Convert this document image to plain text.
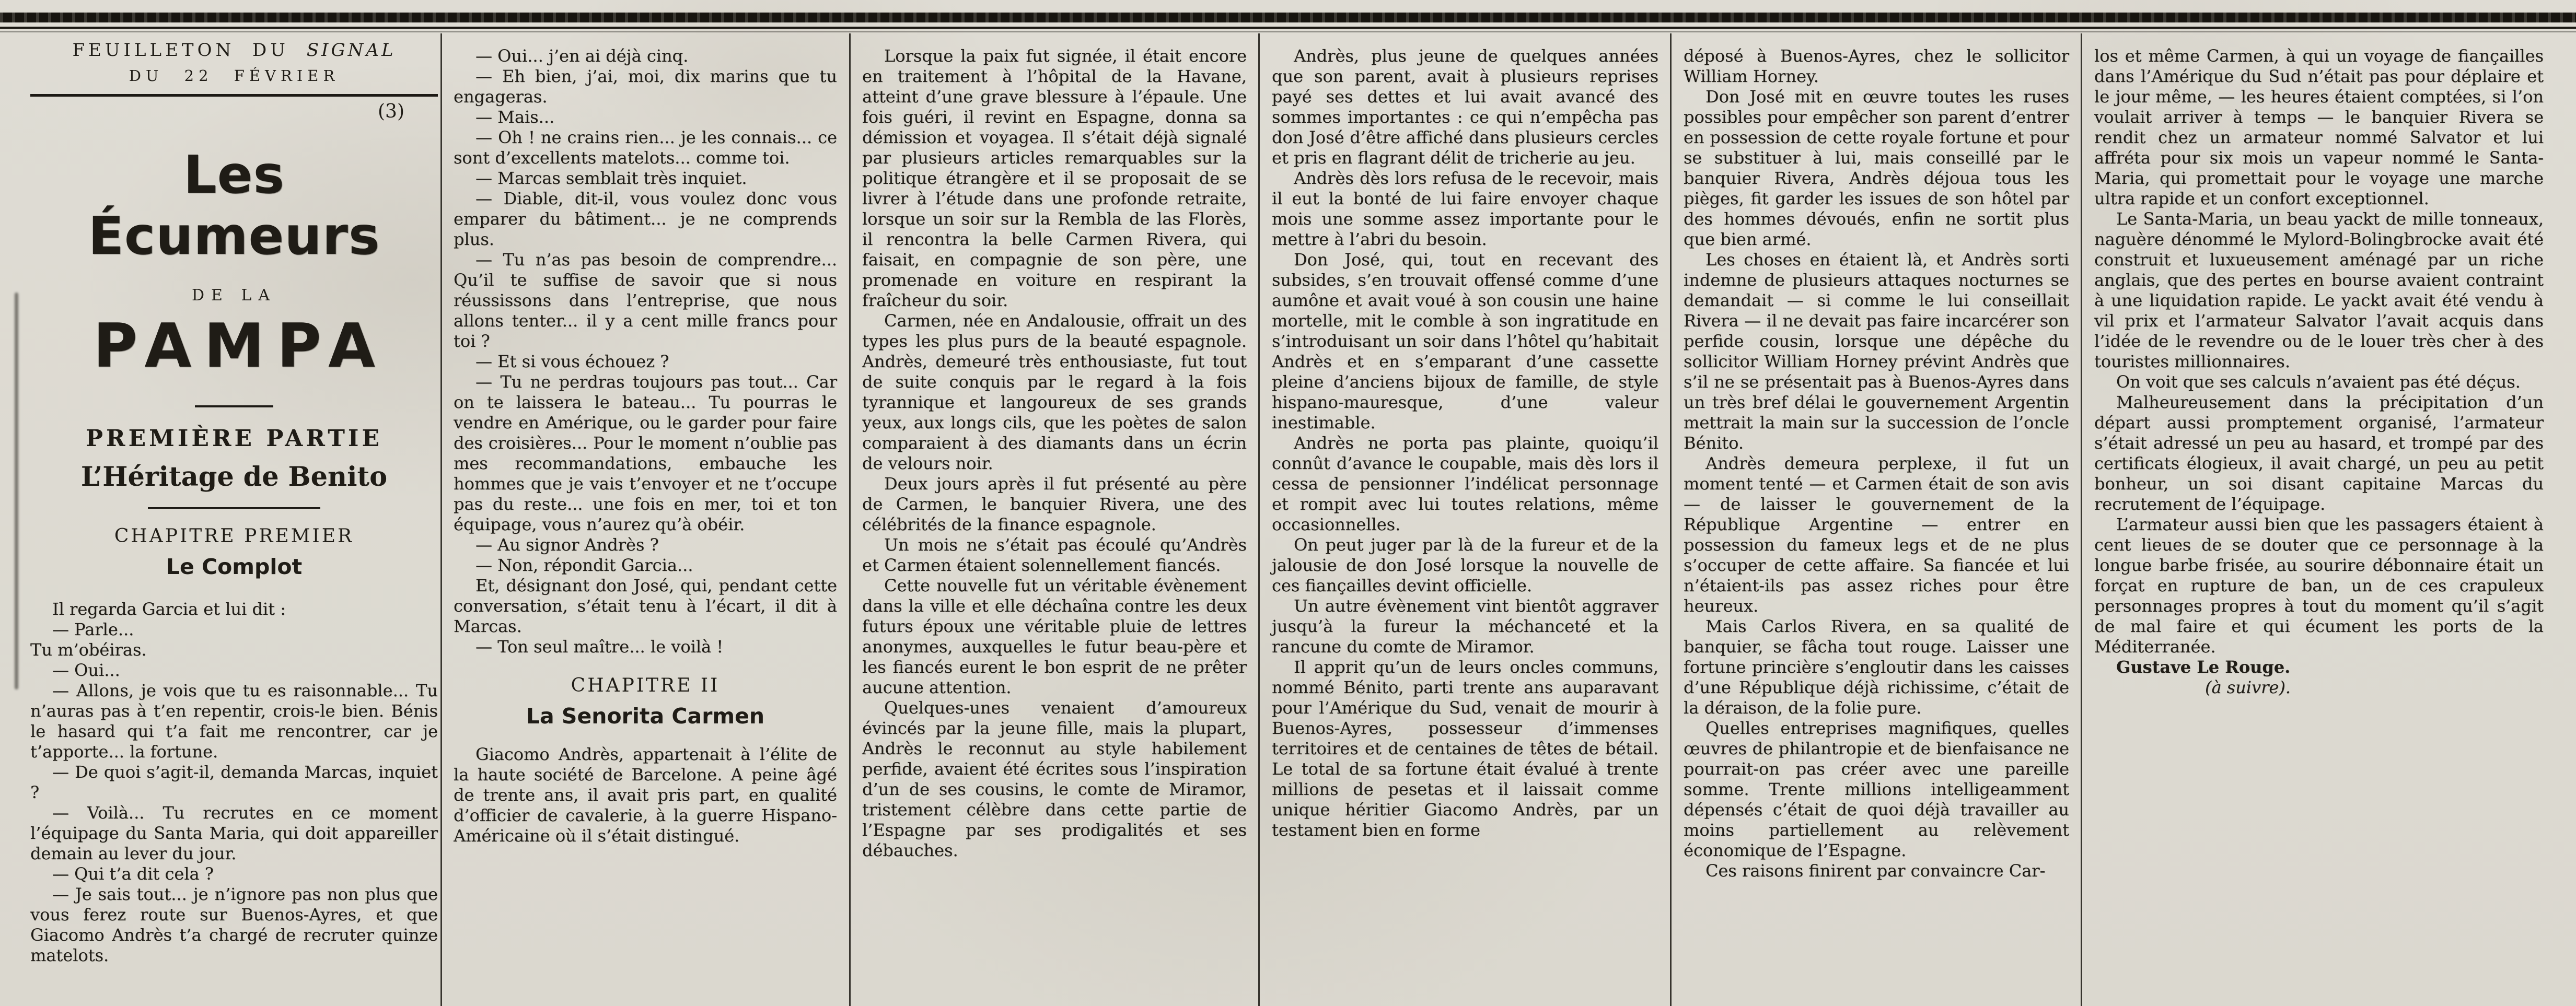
FEUILLETON DU SIGNAL
DU 22 FÉVRIER
(3)
Les Écumeurs
DE LA
PAMPA
PREMIÈRE PARTIE
L’Héritage de Benito
CHAPITRE PREMIER
Le Complot

Il regarda Garcia et lui dit :

— Parle...

Tu m’obéiras.

— Oui...

— Allons, je vois que tu es raisonnable... Tu n’auras pas à t’en repentir, crois-le bien. Bénis le hasard qui t’a fait me rencontrer, car je t’apporte... la fortune.

— De quoi s’agit-il, demanda Marcas, inquiet ?

— Voilà... Tu recrutes en ce moment l’équipage du Santa Maria, qui doit appareiller demain au lever du jour.

— Qui t’a dit cela ?

— Je sais tout... je n’ignore pas non plus que vous ferez route sur Buenos-Ayres, et que Giacomo Andrès t’a chargé de recruter quinze matelots.

— Oui... j’en ai déjà cinq.

— Eh bien, j’ai, moi, dix marins que tu engageras.

— Mais...

— Oh ! ne crains rien... je les connais... ce sont d’excellents matelots... comme toi.

— Marcas semblait très inquiet.

— Diable, dit-il, vous voulez donc vous emparer du bâtiment... je ne comprends plus.

— Tu n’as pas besoin de comprendre... Qu’il te suffise de savoir que si nous réussissons dans l’entreprise, que nous allons tenter... il y a cent mille francs pour toi ?

— Et si vous échouez ?

— Tu ne perdras toujours pas tout... Car on te laissera le bateau... Tu pourras le vendre en Amérique, ou le garder pour faire des croisières... Pour le moment n’oublie pas mes recommandations, embauche les hommes que je vais t’envoyer et ne t’occupe pas du reste... une fois en mer, toi et ton équipage, vous n’aurez qu’à obéir.

— Au signor Andrès ?

— Non, répondit Garcia...

Et, désignant don José, qui, pendant cette conversation, s’était tenu à l’écart, il dit à Marcas.

— Ton seul maître... le voilà !

CHAPITRE II
La Senorita Carmen

Giacomo Andrès, appartenait à l’élite de la haute société de Barcelone. A peine âgé de trente ans, il avait pris part, en qualité d’officier de cavalerie, à la guerre Hispano-Américaine où il s’était distingué.

Lorsque la paix fut signée, il était encore en traitement à l’hôpital de la Havane, atteint d’une grave blessure à l’épaule. Une fois guéri, il revint en Espagne, donna sa démission et voyagea. Il s’était déjà signalé par plusieurs articles remarquables sur la politique étrangère et il se proposait de se livrer à l’étude dans une profonde retraite, lorsque un soir sur la Rembla de las Florès, il rencontra la belle Carmen Rivera, qui faisait, en compagnie de son père, une promenade en voiture en respirant la fraîcheur du soir.

Carmen, née en Andalousie, offrait un des types les plus purs de la beauté espagnole. Andrès, demeuré très enthousiaste, fut tout de suite conquis par le regard à la fois tyrannique et langoureux de ses grands yeux, aux longs cils, que les poètes de salon comparaient à des diamants dans un écrin de velours noir.

Deux jours après il fut présenté au père de Carmen, le banquier Rivera, une des célébrités de la finance espagnole.

Un mois ne s’était pas écoulé qu’Andrès et Carmen étaient solennellement fiancés.

Cette nouvelle fut un véritable évènement dans la ville et elle déchaîna contre les deux futurs époux une véritable pluie de lettres anonymes, auxquelles le futur beau-père et les fiancés eurent le bon esprit de ne prêter aucune attention.

Quelques-unes venaient d’amoureux évincés par la jeune fille, mais la plupart, Andrès le reconnut au style habilement perfide, avaient été écrites sous l’inspiration d’un de ses cousins, le comte de Miramor, tristement célèbre dans cette partie de l’Espagne par ses prodigalités et ses débauches.

Andrès, plus jeune de quelques années que son parent, avait à plusieurs reprises payé ses dettes et lui avait avancé des sommes importantes : ce qui n’empêcha pas don José d’être affiché dans plusieurs cercles et pris en flagrant délit de tricherie au jeu.

Andrès dès lors refusa de le recevoir, mais il eut la bonté de lui faire envoyer chaque mois une somme assez importante pour le mettre à l’abri du besoin.

Don José, qui, tout en recevant des subsides, s’en trouvait offensé comme d’une aumône et avait voué à son cousin une haine mortelle, mit le comble à son ingratitude en s’introduisant un soir dans l’hôtel qu’habitait Andrès et en s’emparant d’une cassette pleine d’anciens bijoux de famille, de style hispano-mauresque, d’une valeur inestimable.

Andrès ne porta pas plainte, quoiqu’il connût d’avance le coupable, mais dès lors il cessa de pensionner l’indélicat personnage et rompit avec lui toutes relations, même occasionnelles.

On peut juger par là de la fureur et de la jalousie de don José lorsque la nouvelle de ces fiançailles devint officielle.

Un autre évènement vint bientôt aggraver jusqu’à la fureur la méchanceté et la rancune du comte de Miramor.

Il apprit qu’un de leurs oncles communs, nommé Bénito, parti trente ans auparavant pour l’Amérique du Sud, venait de mourir à Buenos-Ayres, possesseur d’immenses territoires et de centaines de têtes de bétail. Le total de sa fortune était évalué à trente millions de pesetas et il laissait comme unique héritier Giacomo Andrès, par un testament bien en forme

déposé à Buenos-Ayres, chez le sollicitor William Horney.

Don José mit en œuvre toutes les ruses possibles pour empêcher son parent d’entrer en possession de cette royale fortune et pour se substituer à lui, mais conseillé par le banquier Rivera, Andrès déjoua tous les pièges, fit garder les issues de son hôtel par des hommes dévoués, enfin ne sortit plus que bien armé.

Les choses en étaient là, et Andrès sorti indemne de plusieurs attaques nocturnes se demandait — si comme le lui conseillait Rivera — il ne devait pas faire incarcérer son perfide cousin, lorsque une dépêche du sollicitor William Horney prévint Andrès que s’il ne se présentait pas à Buenos-Ayres dans un très bref délai le gouvernement Argentin mettrait la main sur la succession de l’oncle Bénito.

Andrès demeura perplexe, il fut un moment tenté — et Carmen était de son avis — de laisser le gouvernement de la République Argentine — entrer en possession du fameux legs et de ne plus s’occuper de cette affaire. Sa fiancée et lui n’étaient-ils pas assez riches pour être heureux.

Mais Carlos Rivera, en sa qualité de banquier, se fâcha tout rouge. Laisser une fortune princière s’engloutir dans les caisses d’une République déjà richissime, c’était de la déraison, de la folie pure.

Quelles entreprises magnifiques, quelles œuvres de philantropie et de bienfaisance ne pourrait-on pas créer avec une pareille somme. Trente millions intelligeamment dépensés c’était de quoi déjà travailler au moins partiellement au relèvement économique de l’Espagne.

Ces raisons finirent par convaincre Car-

los et même Carmen, à qui un voyage de fiançailles dans l’Amérique du Sud n’était pas pour déplaire et le jour même, — les heures étaient comptées, si l’on voulait arriver à temps — le banquier Rivera se rendit chez un armateur nommé Salvator et lui affréta pour six mois un vapeur nommé le Santa-Maria, qui promettait pour le voyage une marche ultra rapide et un confort exceptionnel.

Le Santa-Maria, un beau yackt de mille tonneaux, naguère dénommé le Mylord-Bolingbrocke avait été construit et luxueusement aménagé par un riche anglais, que des pertes en bourse avaient contraint à une liquidation rapide. Le yackt avait été vendu à vil prix et l’armateur Salvator l’avait acquis dans l’idée de le revendre ou de le louer très cher à des touristes millionnaires.

On voit que ses calculs n’avaient pas été déçus.

Malheureusement dans la précipitation d’un départ aussi promptement organisé, l’armateur s’était adressé un peu au hasard, et trompé par des certificats élogieux, il avait chargé, un peu au petit bonheur, un soi disant capitaine Marcas du recrutement de l’équipage.

L’armateur aussi bien que les passagers étaient à cent lieues de se douter que ce personnage à la longue barbe frisée, au sourire débonnaire était un forçat en rupture de ban, un de ces crapuleux personnages propres à tout du moment qu’il s’agit de mal faire et qui écument les ports de la Méditerranée.

Gustave Le Rouge.

(à suivre).
